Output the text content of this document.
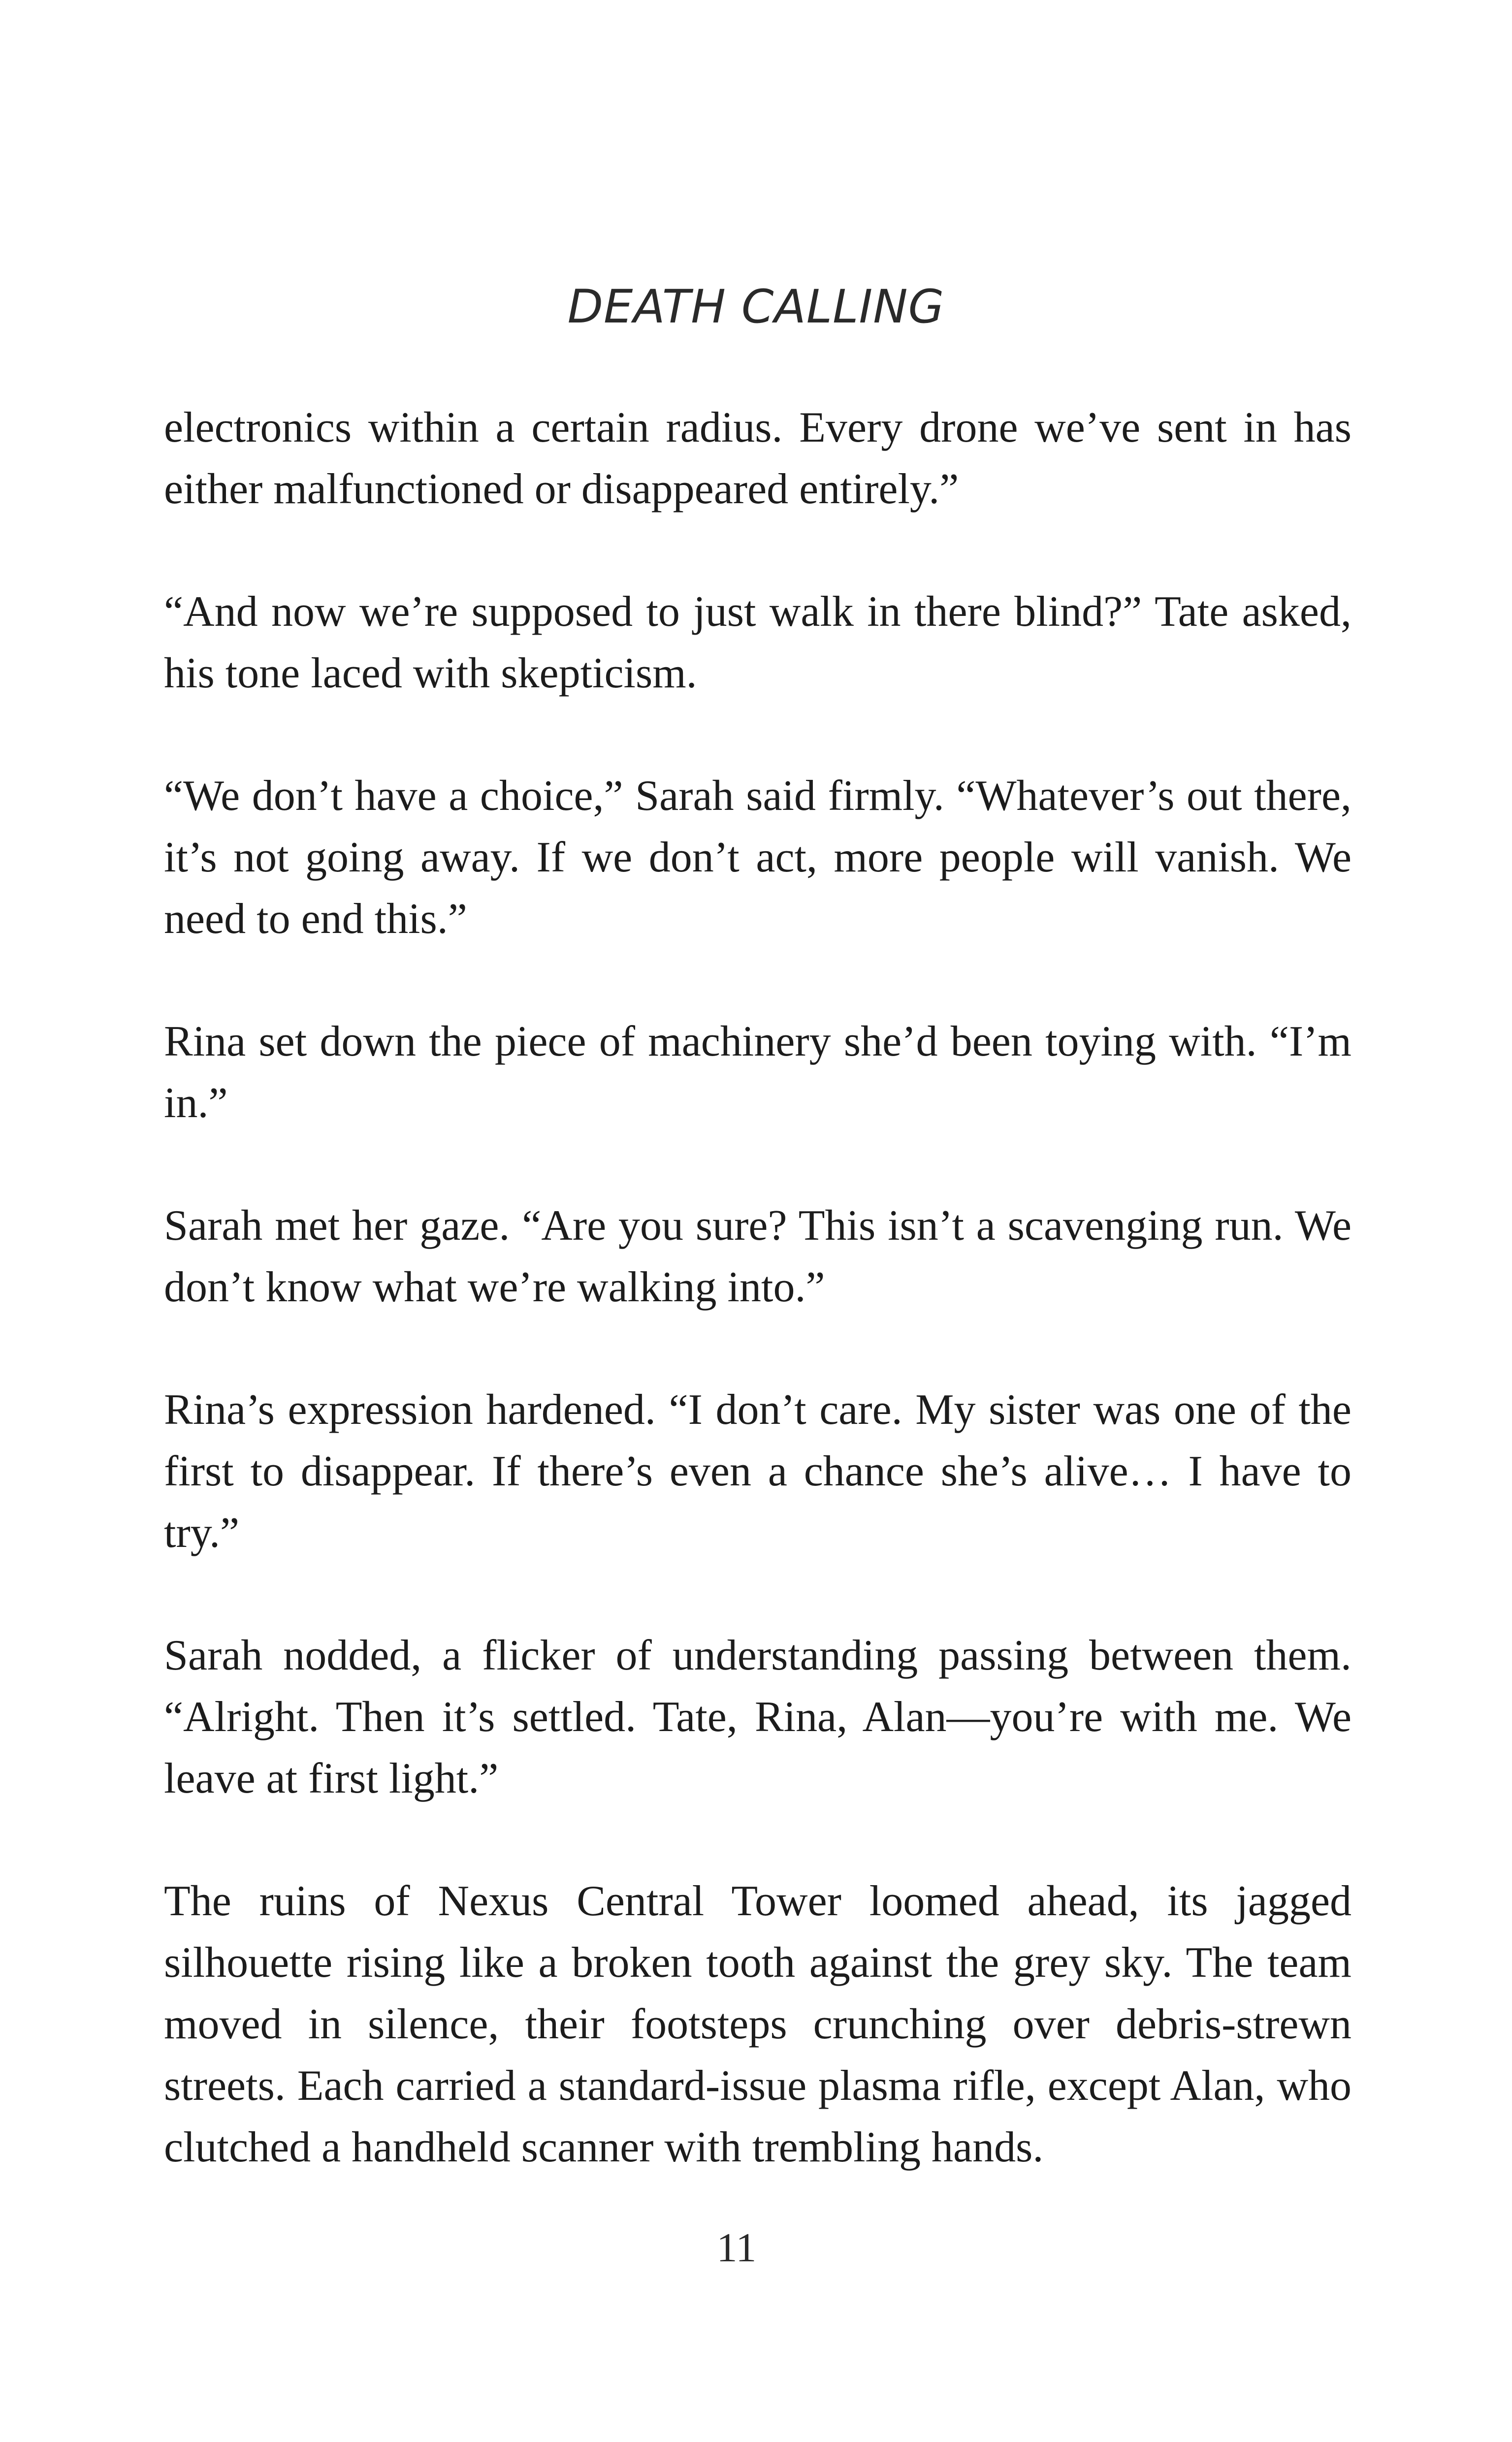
DEATH CALLING

electronics within a certain radius. Every drone we’ve sent in has either malfunctioned or disappeared entirely.”

“And now we’re supposed to just walk in there blind?” Tate asked, his tone laced with skepticism.

“We don’t have a choice,” Sarah said firmly. “Whatever’s out there, it’s not going away. If we don’t act, more people will vanish. We need to end this.”

Rina set down the piece of machinery she’d been toying with. “I’m in.”

Sarah met her gaze. “Are you sure? This isn’t a scavenging run. We don’t know what we’re walking into.”

Rina’s expression hardened. “I don’t care. My sister was one of the first to disappear. If there’s even a chance she’s alive… I have to try.”

Sarah nodded, a flicker of understanding passing between them. “Alright. Then it’s settled. Tate, Rina, Alan—you’re with me. We leave at first light.”

The ruins of Nexus Central Tower loomed ahead, its jagged silhouette rising like a broken tooth against the grey sky. The team moved in silence, their footsteps crunching over debris-strewn streets. Each carried a standard-issue plasma rifle, except Alan, who clutched a handheld scanner with trembling hands.

11
